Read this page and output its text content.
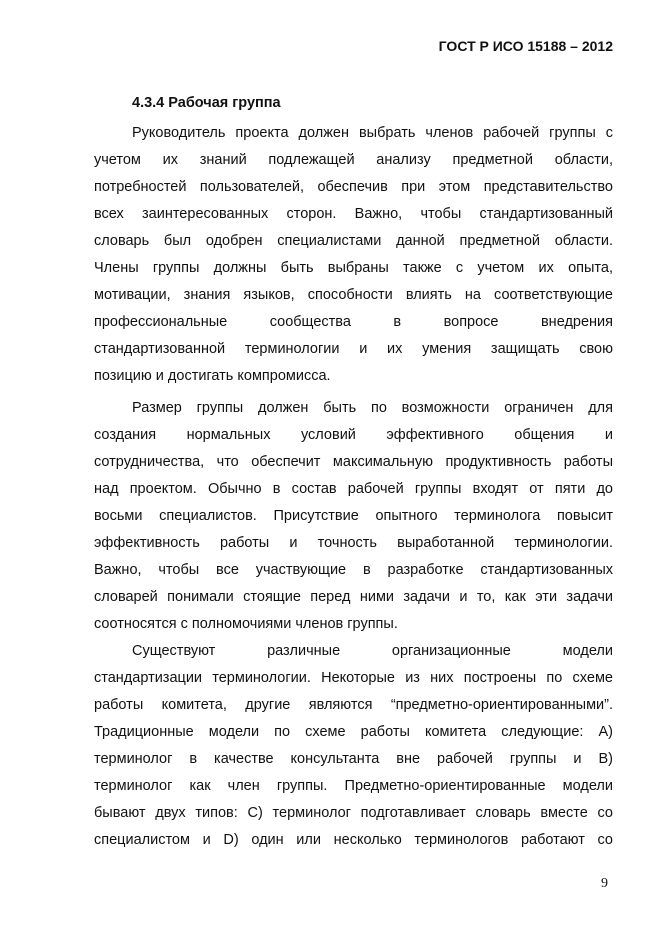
ГОСТ Р ИСО 15188 – 2012
4.3.4 Рабочая группа
Руководитель проекта должен выбрать членов рабочей группы с
учетом их знаний подлежащей анализу предметной области,
потребностей пользователей, обеспечив при этом представительство
всех заинтересованных сторон. Важно, чтобы стандартизованный
словарь был одобрен специалистами данной предметной области.
Члены группы должны быть выбраны также с учетом их опыта,
мотивации, знания языков, способности влиять на соответствующие
профессиональные сообщества в вопросе внедрения
стандартизованной терминологии и их умения защищать свою
позицию и достигать компромисса.
Размер группы должен быть по возможности ограничен для
создания нормальных условий эффективного общения и
сотрудничества, что обеспечит максимальную продуктивность работы
над проектом. Обычно в состав рабочей группы входят от пяти до
восьми специалистов. Присутствие опытного терминолога повысит
эффективность работы и точность выработанной терминологии.
Важно, чтобы все участвующие в разработке стандартизованных
словарей понимали стоящие перед ними задачи и то, как эти задачи
соотносятся с полномочиями членов группы.
Существуют различные организационные модели
стандартизации терминологии. Некоторые из них построены по схеме
работы комитета, другие являются “предметно-ориентированными”.
Традиционные модели по схеме работы комитета следующие: A)
терминолог в качестве консультанта вне рабочей группы и B)
терминолог как член группы. Предметно-ориентированные модели
бывают двух типов: C) терминолог подготавливает словарь вместе со
специалистом и D) один или несколько терминологов работают со
9
